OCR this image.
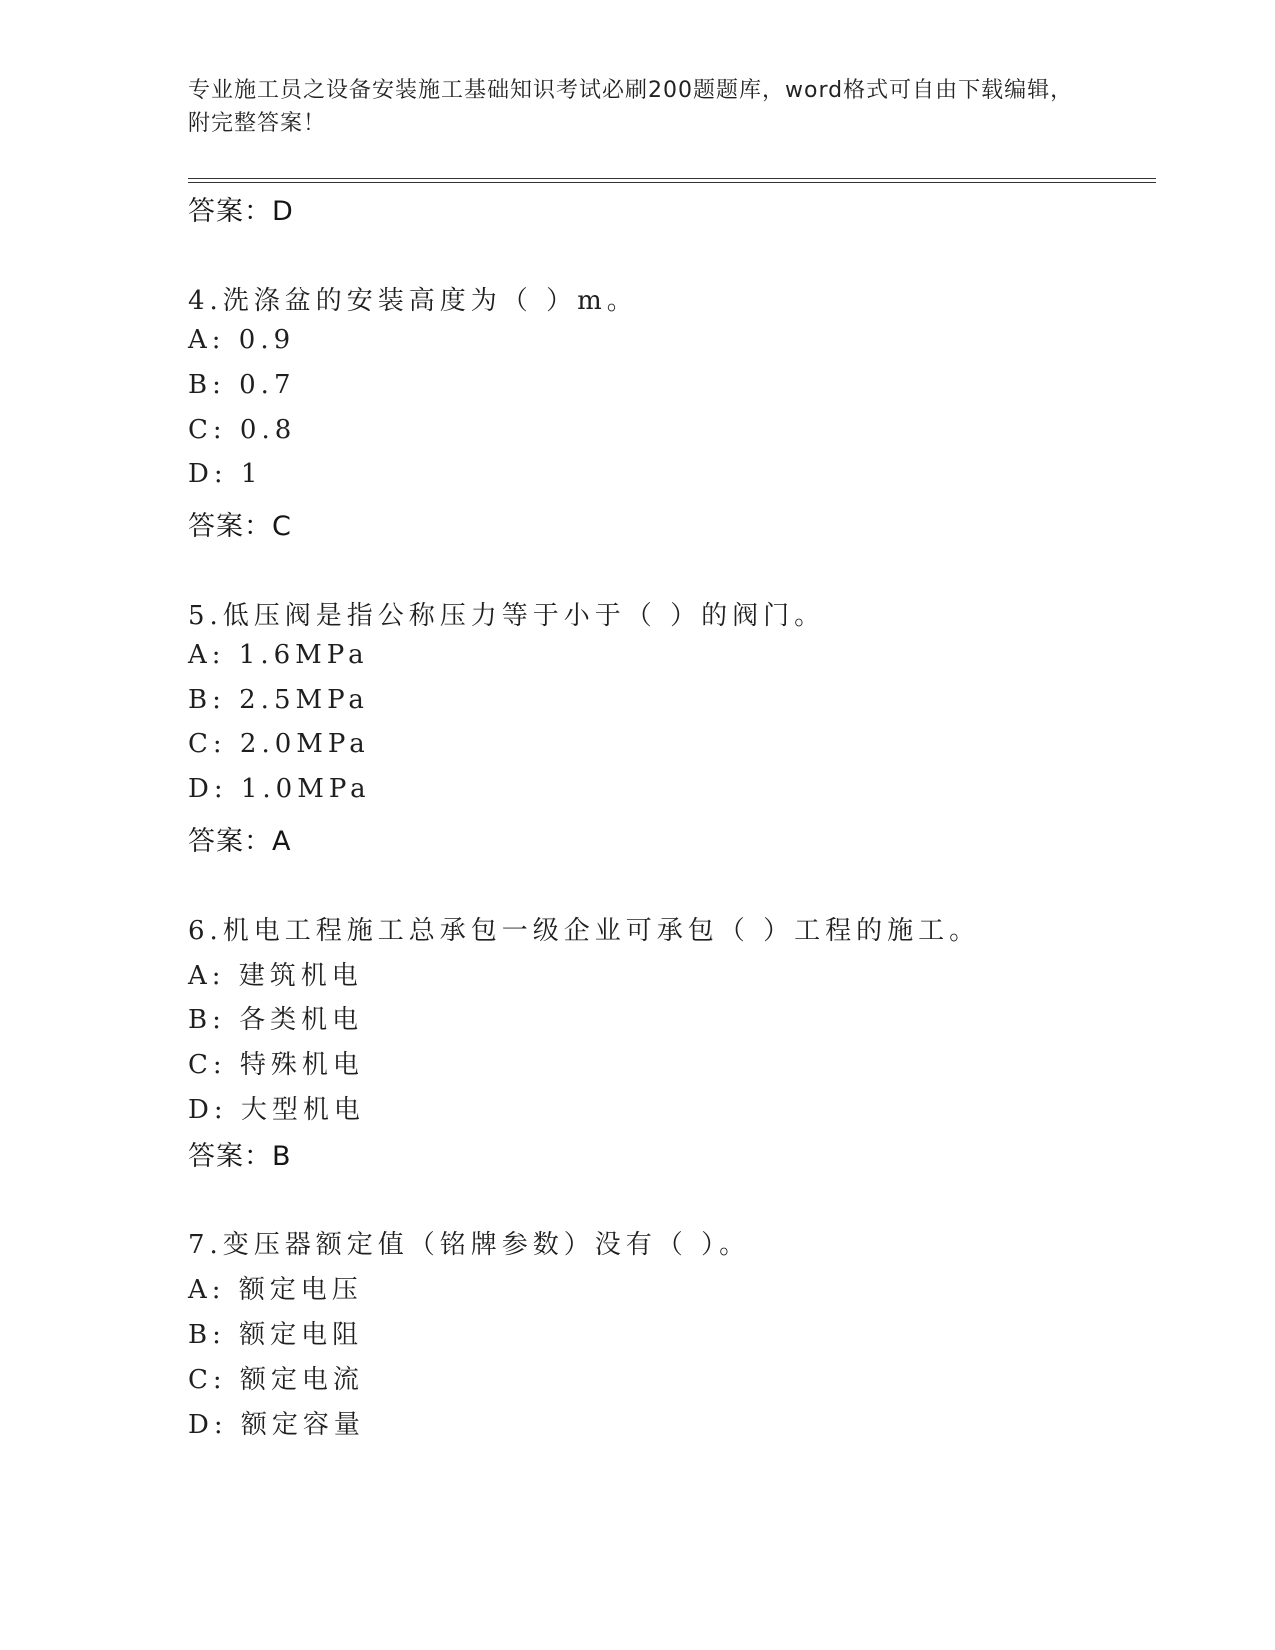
专业施工员之设备安装施工基础知识考试必刷200题题库，word格式可自由下载编辑，附完整答案！
答案：D
4.洗涤盆的安装高度为（ ）m。
A: 0.9
B: 0.7
C: 0.8
D: 1
答案：C
5.低压阀是指公称压力等于小于（ ）的阀门。
A: 1.6MPa
B: 2.5MPa
C: 2.0MPa
D: 1.0MPa
答案：A
6.机电工程施工总承包一级企业可承包（ ）工程的施工。
A: 建筑机电
B: 各类机电
C: 特殊机电
D: 大型机电
答案：B
7.变压器额定值（铭牌参数）没有（ ）。
A: 额定电压
B: 额定电阻
C: 额定电流
D: 额定容量
